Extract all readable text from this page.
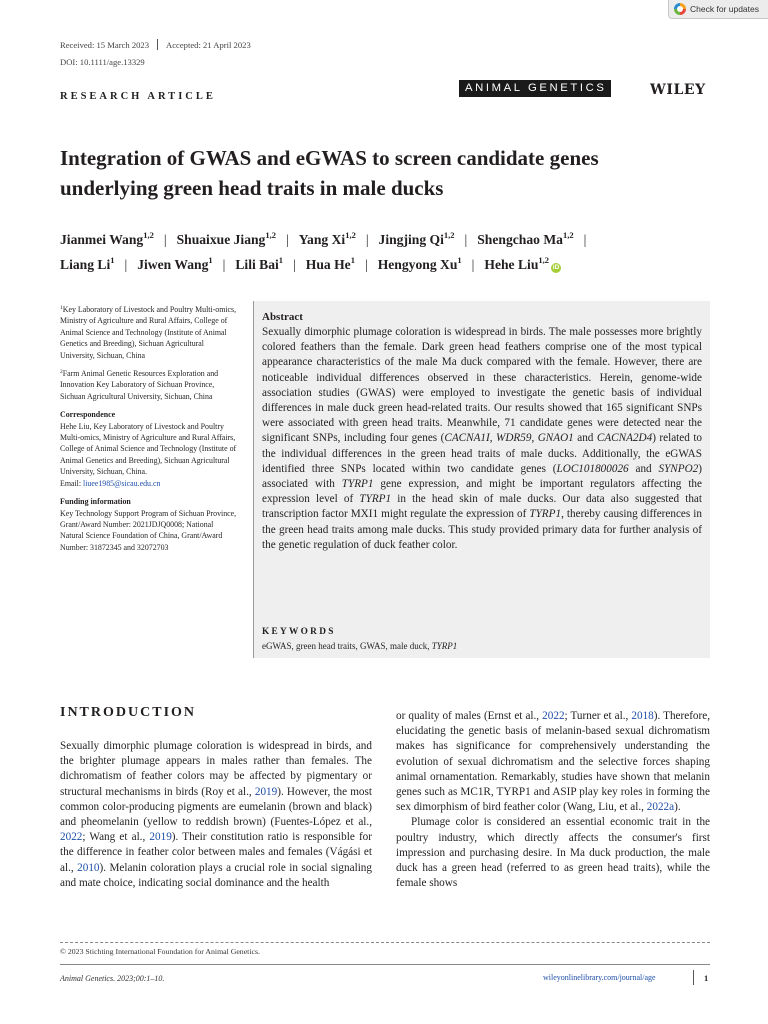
Check for updates
Received: 15 March 2023 Accepted: 21 April 2023
DOI: 10.1111/age.13329
ANIMAL GENETICS	WILEY
RESEARCH ARTICLE
Integration of GWAS and eGWAS to screen candidate genes
underlying green head traits in male ducks
Jianmei Wang$^{1,2}$ | Shuaixue Jiang$^{1,2}$ | Yang Xi$^{1,2}$ | Jingjing Qi$^{1,2}$ | Shengchao Ma$^{1,2}$ |
Liang Li$^1$ | Jiwen Wang$^1$ | Lili Bai$^1$ | Hua He$^1$ | Hengyong Xu$^1$ | Hehe Liu$^{1,2}$iD

$^1$Key Laboratory of Livestock and Poultry Multi-omics, Ministry of Agriculture and Rural Affairs, College of Animal Science and Technology (Institute of Animal Genetics and Breeding), Sichuan Agricultural University, Sichuan, China

$^2$Farm Animal Genetic Resources Exploration and Innovation Key Laboratory of Sichuan Province, Sichuan Agricultural University, Sichuan, China

Correspondence

Hehe Liu, Key Laboratory of Livestock and Poultry Multi-omics, Ministry of Agriculture and Rural Affairs, College of Animal Science and Technology (Institute of Animal Genetics and Breeding), Sichuan Agricultural University, Sichuan, China.
Email: liuee1985@sicau.edu.cn

Funding information

Key Technology Support Program of Sichuan Province, Grant/Award Number: 2021JDJQ0008; National Natural Science Foundation of China, Grant/Award Number: 31872345 and 32072703

Abstract
Sexually dimorphic plumage coloration is widespread in birds. The male possesses more brightly colored feathers than the female. Dark green head feathers comprise one of the most typical appearance characteristics of the male Ma duck compared with the female. However, there are noticeable individual differences observed in these characteristics. Herein, genome-wide association studies (GWAS) were employed to investigate the genetic basis of individual differences in male duck green head-related traits. Our results showed that 165 significant SNPs were associated with green head traits. Meanwhile, 71 candidate genes were detected near the significant SNPs, including four genes (CACNA1I, WDR59, GNAO1 and CACNA2D4) related to the individual differences in the green head traits of male ducks. Additionally, the eGWAS identified three SNPs located within two candidate genes (LOC101800026 and SYNPO2) associated with TYRP1 gene expression, and might be important regulators affecting the expression level of TYRP1 in the head skin of male ducks. Our data also suggested that transcription factor MXI1 might regulate the expression of TYRP1, thereby causing differences in the green head traits among male ducks. This study provided primary data for further analysis of the genetic regulation of duck feather color.
KEYWORDS
eGWAS, green head traits, GWAS, male duck, TYRP1
INTRODUCTION
Sexually dimorphic plumage coloration is widespread in birds, and the brighter plumage appears in males rather than females. The dichromatism of feather colors may be affected by pigmentary or structural mechanisms in birds (Roy et al., 2019). However, the most common color-producing pigments are eumelanin (brown and black) and pheomelanin (yellow to reddish brown) (Fuentes-López et al., 2022; Wang et al., 2019). Their constitution ratio is responsible for the difference in feather color between males and females (Vágási et al., 2010). Melanin coloration plays a crucial role in social signaling and mate choice, indicating social dominance and the health

or quality of males (Ernst et al., 2022; Turner et al., 2018). Therefore, elucidating the genetic basis of melanin-based sexual dichromatism makes has significance for comprehensively understanding the evolution of sexual dichromatism and the selective forces shaping animal ornamentation. Remarkably, studies have shown that melanin genes such as MC1R, TYRP1 and ASIP play key roles in forming the sex dimorphism of bird feather color (Wang, Liu, et al., 2022a).

Plumage color is considered an essential economic trait in the poultry industry, which directly affects the consumer's first impression and purchasing desire. In Ma duck production, the male duck has a green head (referred to as green head traits), while the female shows

© 2023 Stichting International Foundation for Animal Genetics.
Animal Genetics. 2023;00:1–10.	wileyonlinelibrary.com/journal/age	1
